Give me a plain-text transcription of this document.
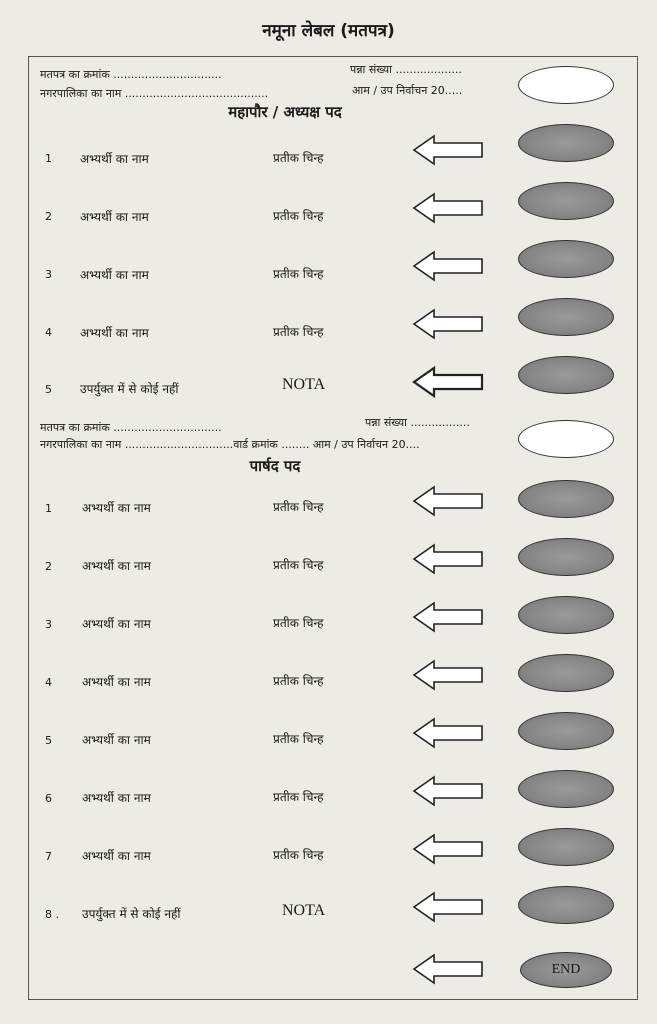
नमूना लेबल (मतपत्र)
मतपत्र का क्रमांक ...............................	पन्ना संख्या ...................
नगरपालिका का नाम .........................................	आम / उप निर्वाचन 20.....
महापौर / अध्यक्ष पद
1 अभ्यर्थी का नाम	प्रतीक चिन्ह
2 अभ्यर्थी का नाम	प्रतीक चिन्ह
3 अभ्यर्थी का नाम	प्रतीक चिन्ह
4 अभ्यर्थी का नाम	प्रतीक चिन्ह
5 उपर्युक्त में से कोई नहीं	NOTA
मतपत्र का क्रमांक ...............................	पन्ना संख्या .................
नगरपालिका का नाम ...............................वार्ड क्रमांक ........ आम / उप निर्वाचन 20....
पार्षद पद
1	अभ्यर्थी का नाम	प्रतीक चिन्ह
2	अभ्यर्थी का नाम	प्रतीक चिन्ह
3	अभ्यर्थी का नाम	प्रतीक चिन्ह
4	अभ्यर्थी का नाम	प्रतीक चिन्ह
5	अभ्यर्थी का नाम	प्रतीक चिन्ह
6	अभ्यर्थी का नाम	प्रतीक चिन्ह
7	अभ्यर्थी का नाम	प्रतीक चिन्ह
8 . उपर्युक्त में से कोई नहीं	NOTA
END
